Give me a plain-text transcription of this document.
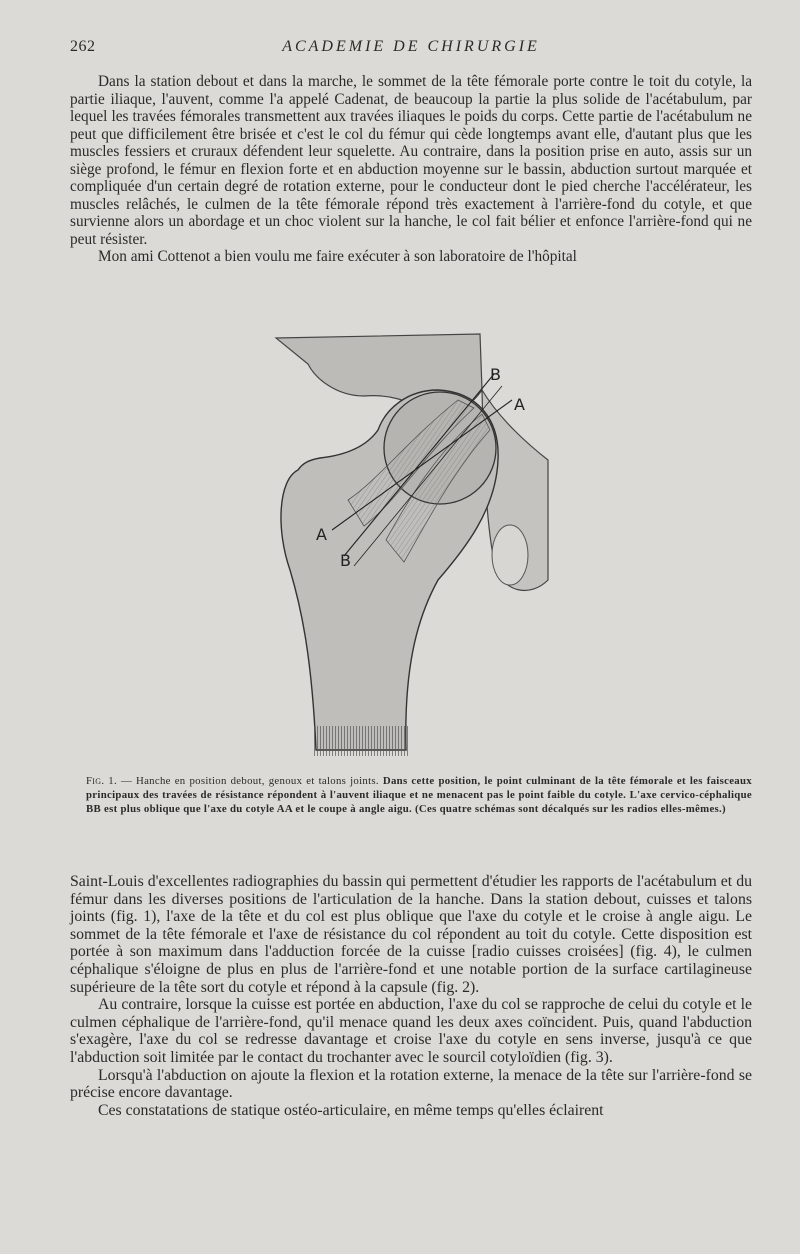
262	ACADEMIE DE CHIRURGIE

Dans la station debout et dans la marche, le sommet de la tête fémorale porte contre le toit du cotyle, la partie iliaque, l'auvent, comme l'a appelé Cadenat, de beaucoup la partie la plus solide de l'acétabulum, par lequel les travées fémorales transmettent aux travées iliaques le poids du corps. Cette partie de l'acétabulum ne peut que difficilement être brisée et c'est le col du fémur qui cède longtemps avant elle, d'autant plus que les muscles fessiers et cruraux défendent leur squelette. Au contraire, dans la position prise en auto, assis sur un siège profond, le fémur en flexion forte et en abduction moyenne sur le bassin, abduction surtout marquée et compliquée d'un certain degré de rotation externe, pour le conducteur dont le pied cherche l'accélérateur, les muscles relâchés, le culmen de la tête fémorale répond très exactement à l'arrière-fond du cotyle, et que survienne alors un abordage et un choc violent sur la hanche, le col fait bélier et enfonce l'arrière-fond qui ne peut résister.

Mon ami Cottenot a bien voulu me faire exécuter à son laboratoire de l'hôpital

B
A
A
B
Fig. 1. — Hanche en position debout, genoux et talons joints. Dans cette position, le point culminant de la tête fémorale et les faisceaux principaux des travées de résistance répondent à l'auvent iliaque et ne menacent pas le point faible du cotyle. L'axe cervico-céphalique BB est plus oblique que l'axe du cotyle AA et le coupe à angle aigu. (Ces quatre schémas sont décalqués sur les radios elles-mêmes.)

Saint-Louis d'excellentes radiographies du bassin qui permettent d'étudier les rapports de l'acétabulum et du fémur dans les diverses positions de l'articulation de la hanche. Dans la station debout, cuisses et talons joints (fig. 1), l'axe de la tête et du col est plus oblique que l'axe du cotyle et le croise à angle aigu. Le sommet de la tête fémorale et l'axe de résistance du col répondent au toit du cotyle. Cette disposition est portée à son maximum dans l'adduction forcée de la cuisse [radio cuisses croisées] (fig. 4), le culmen céphalique s'éloigne de plus en plus de l'arrière-fond et une notable portion de la surface cartilagineuse supérieure de la tête sort du cotyle et répond à la capsule (fig. 2).

Au contraire, lorsque la cuisse est portée en abduction, l'axe du col se rapproche de celui du cotyle et le culmen céphalique de l'arrière-fond, qu'il menace quand les deux axes coïncident. Puis, quand l'abduction s'exagère, l'axe du col se redresse davantage et croise l'axe du cotyle en sens inverse, jusqu'à ce que l'abduction soit limitée par le contact du trochanter avec le sourcil cotyloïdien (fig. 3).

Lorsqu'à l'abduction on ajoute la flexion et la rotation externe, la menace de la tête sur l'arrière-fond se précise encore davantage.

Ces constatations de statique ostéo-articulaire, en même temps qu'elles éclairent
